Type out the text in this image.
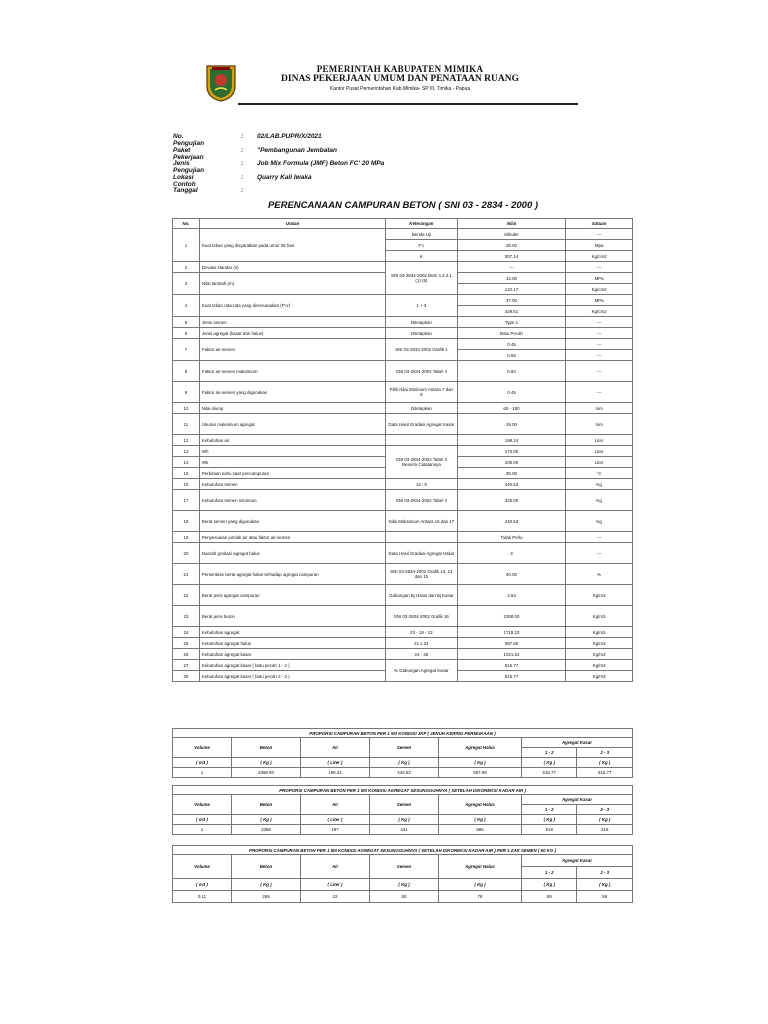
PEMERINTAH KABUPATEN MIMIKA
DINAS PEKERJAAN UMUM DAN PENATAAN RUANG
Kantor Pusat Pemerintahan Kab.Mimika- SP III, Timika - Papua
No. Pengujian
: 02/LAB.PUPR/X/2021
Paket Pekerjaan
: "Pembangunan Jembatan
Jenis Pengujian
: Job Mix Formula (JMF) Beton FC' 20 MPa
Lokasi Contoh
: Quarry Kali Iwaka
Tanggal	:
PERENCANAAN CAMPURAN BETON ( SNI 03 - 2834 - 2000 )
No.	Uraian	Keterangan	Nilai	Satuan
1	Kuat tekan yang disyaratkan pada umur 28 hari	Benda Uji	Silinder	---
		F'c	25.00	Mpa
		K	307.14	Kg/cm2
2	Deviasi standar (s)	SNI 03-2834-2002 Butir 4.2.3.1 (1) (5)	---	---
3	Nilai tambah (m)		12.00	MPa
			122.17	Kg/cm2
4	Kuat tekan rata-rata yang direncanakan (F'cr)	1 + 3	37.00	MPa
			429.51	Kg/cm2
5	Jenis semen	Ditetapkan	Type 1	---
6	Jenis agregat (kasar dan halus)	Ditetapkan	Batu Pecah	---
7	Faktor air-semen	SNI 03-2834-2002 Grafik 1	0.45	---
			0.55	---
8	Faktor air-semen maksimum	SNI 03-2834-2002 Tabel 4	0.60	---
9	Faktor air-semen yang digunakan	Pilih Nilai Minimum Antara 7 dan 8	0.45	---
10	Nilai slump	Ditetapkan	60 - 180	mm
11	Ukuran maksimum agregat	Data Hasil Gradasi Agregat Kasar	19.00	mm
12	Kebutuhan air		198.24	Liter
13	Wh	SNI 03-2834-2002 Tabel 3 Beserta Catatannya	175.00	Liter
14	Wk		205.00	Liter
15	Perkiraan suhu saat pencampuran		30.00	°C
16	Kebutuhan semen	12 : 9	440.53	Kg
17	Kebutuhan semen minimum	SNI 03-2834-2002 Tabel 4	325.00	Kg
18	Berat semen yang digunakan	Nilai Maksimum Antara 16 dan 17	440.53	Kg
19	Penyesuaian jumlah air atau faktor air-semen		Tidak Perlu	---
20	Daerah gradasi agregat halus	Data Hasil Gradasi Agregat Halus	3	---
21	Persentase berat agregat halus terhadap agregat campuran	SNI 03-2834-2002 Grafik 13, 14 dan 15	40.00	%
22	Berat jenis agregat campuran	Gabungan Bj Halus dan Bj Kasar	2.64	Kg/m3
23	Berat jenis beton	SNI 03-2834-2002 Grafik 16	2358.00	Kg/m3
24	Kebutuhan agregat	23 - 18 - 13	1719.23	Kg/m3
25	Kebutuhan agregat halus	21 x 24	687.69	Kg/m3
26	Kebutuhan agregat kasar	24 - 25	1031.54	Kg/m3
27	Kebutuhan agregat kasar ( batu pecah 1 - 2 )	% Gabungan Agregat Kasar	515.77	Kg/m3
28	Kebutuhan agregat kasar ( batu pecah 2 - 3 )		515.77	Kg/m3
PROPORSI CAMPURAN BETON PER 1 M3 KONDISI JKP ( JENUH KERING PERMUKAAN )						
Volume	Beton	Air	Semen	Agregat Halus	Agregat Kasar	
					1 - 2	2 - 3
( m3 )	( Kg )	( Liter )	( Kg )	( Kg )	( Kg )	( Kg )
1	2358.00	198.24	440.53	687.69	515.77	515.77
PROPORSI CAMPURAN BETON PER 1 M3 KONDISI AGREGAT SESUNGGUHNYA ( SETELAH DIKOREKSI KADAR AIR )						
Volume	Beton	Air	Semen	Agregat Halus	Agregat Kasar	
					1 - 2	2 - 3
( m3 )	( Kg )	( Liter )	( Kg )	( Kg )	( Kg )	( Kg )
1	2358	197	441	685	518	518
PROPORSI CAMPURAN BETON PER 1 M3 KONDISI AGREGAT SESUNGGUHNYA ( SETELAH DIKOREKSI KADAR AIR ) PER 1 ZAK SEMEN ( 50 KG )						
Volume	Beton	Air	Semen	Agregat Halus	Agregat Kasar	
					1 - 2	2 - 3
( m3 )	( Kg )	( Liter )	( Kg )	( Kg )	( Kg )	( Kg )
0.11	268	22	50	78	59	59
